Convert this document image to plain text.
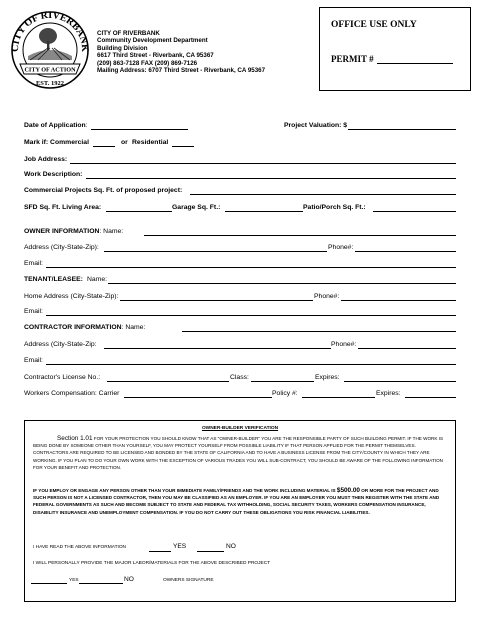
CITY OF RIVERBANK
CITY OF ACTION
EST. 1922
CITY OF RIVERBANK
Community Development Department
Building Division
6617 Third Street - Riverbank, CA 95367
(209) 863-7128 FAX (209) 869-7126
Mailing Address: 6707 Third Street - Riverbank, CA 95367
OFFICE USE ONLY
PERMIT #
Date of Application:	Project Valuation: $
Mark if: Commercial	or Residential
Job Address:
Work Description:
Commercial Projects Sq. Ft. of proposed project:
SFD Sq. Ft. Living Area:	Garage Sq. Ft.:	Patio/Porch Sq. Ft.:
OWNER INFORMATION: Name:
Address (City-State-Zip):	Phone#:
Email:
TENANT/LEASEE: Name:
Home Address (City-State-Zip):	Phone#:
Email:
CONTRACTOR INFORMATION: Name:
Address (City-State-Zip:	Phone#:
Email:
Contractor's License No.:	Class:	Expires:
Workers Compensation: Carrier	Policy #:	Expires:
OWNER-BUILDER VERIFICATION
Section 1.01 FOR YOUR PROTECTION YOU SHOULD KNOW THAT AS "OWNER-BUILDER" YOU ARE THE RESPONSIBLE PARTY OF SUCH BUILDING PERMIT. IF THE WORK IS BEING DONE BY SOMEONE OTHER THAN YOURSELF, YOU MAY PROTECT YOURSELF FROM POSSIBLE LIABILITY IF THAT PERSON APPLIED FOR THE PERMIT THEMSELVES. CONTRACTORS ARE REQUIRED TO BE LICENSED AND BONDED BY THE STATE OF CALIFORNIA AND TO HAVE A BUSINESS LICENSE FROM THE CITY/COUNTY IN WHICH THEY ARE WORKING. IF YOU PLAN TO DO YOUR OWN WORK WITH THE EXCEPTION OF VARIOUS TRADES YOU WILL SUB-CONTRACT, YOU SHOULD BE AWARE OF THE FOLLOWING INFORMATION FOR YOUR BENEFIT AND PROTECTION.
IF YOU EMPLOY OR ENGAGE ANY PERSON OTHER THAN YOUR IMMEDIATE FAMILY/FRIENDS AND THE WORK INCLUDING MATERIAL IS $500.00 OR MORE FOR THE PROJECT AND SUCH PERSON IS NOT A LICENSED CONTRACTOR, THEN YOU MAY BE CLASSIFIED AS AN EMPLOYER. IF YOU ARE AN EMPLOYER YOU MUST THEN REGISTER WITH THE STATE AND FEDERAL GOVERNMENTS AS SUCH AND BECOME SUBJECT TO STATE AND FEDERAL TAX WITHHOLDING, SOCIAL SECURITY TAXES, WORKERS COMPENSATION INSURANCE, DISABILITY INSURANCE AND UNEMPLOYMENT COMPENSATION. IF YOU DO NOT CARRY OUT THESE OBLIGATIONS YOU RISK FINANCIAL LIABILITIES.
I HAVE READ THE ABOVE INFORMATION	YES	NO
I WILL PERSONALLY PROVIDE THE MAJOR LABOR/MATERIALS FOR THE ABOVE DESCRIBED PROJECT
YES	NO	OWNERS SIGNATURE
